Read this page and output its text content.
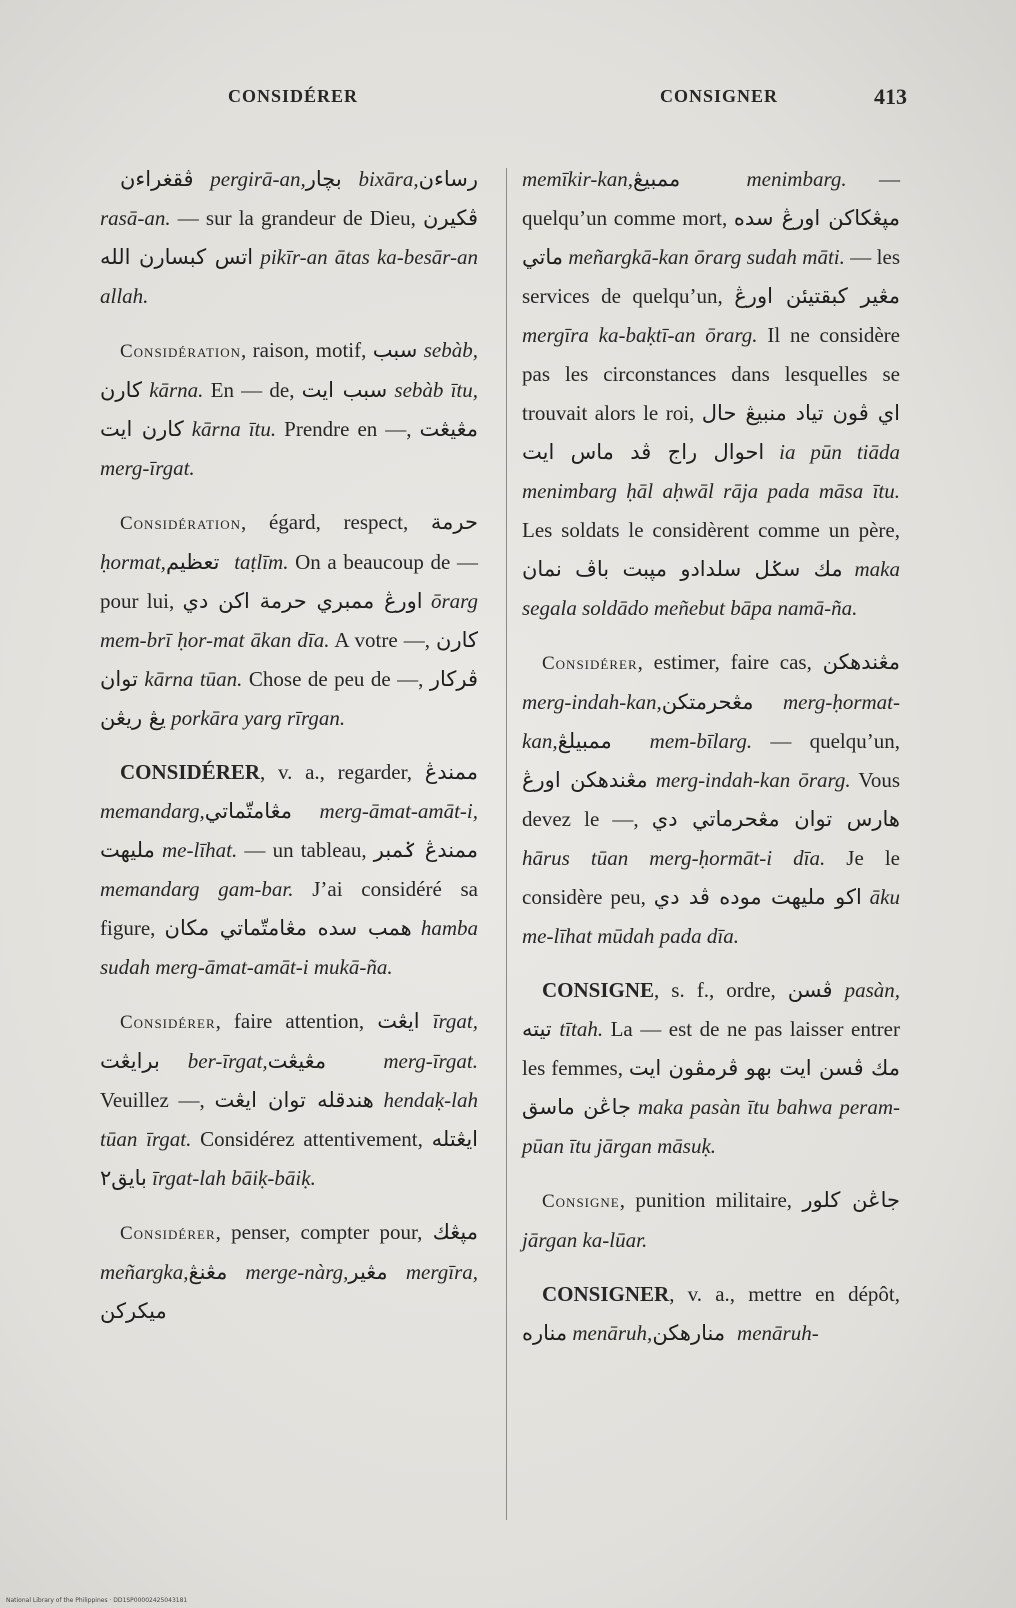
CONSIDÉRER	CONSIGNER	413

ڤقغراءن pergirā-an,بچار bixāra,رساءن rasā-an. — sur la grandeur de Dieu, ڤكيرن اتس كبسارن الله pikīr-an ātas ka-besār-an allah.

Considération, raison, motif, سبب sebàb, كارن kārna. En — de, سبب ايت sebàb ītu, كارن ايت kārna ītu. Prendre en —, مڠيڠت merg-īrgat.

Considération, égard, respect, حرمة ḥormat, تعظيم taṭlīm. On a beaucoup de — pour lui, اورڠ ممبري حرمة اكن دي ōrarg mem-brī ḥor-mat ākan dīa. A votre —, كارن توان kārna tūan. Chose de peu de —, ڤركار يڠ ريڠن porkāra yarg rīrgan.

CONSIDÉRER, v. a., regarder, ممندڠ memandarg, مڠامتّماتي merg-āmat-amāt-i, مليهت me-līhat. — un tableau, ممندڠ ݢمبر memandarg gam-bar. J’ai considéré sa figure, همب سده مڠامتّماتي مكان hamba sudah merg-āmat-amāt-i mukā-ña.

Considérer, faire attention, ايڠت īrgat, برايڠت ber-īrgat, مڠيڠت merg-īrgat. Veuillez —, هندقله توان ايڠت hendaḳ-lah tūan īrgat. Considérez attentivement, ايڠتله بايق٢ īrgat-lah bāiḳ-bāiḳ.

Considérer, penser, compter pour, مڽڠك meñargka, مڠنڠ merge-nàrg, مڠير mergīra, ميكركن

memīkir-kan, ممبيڠ menimbarg. — quelqu’un comme mort, مڽڠكاكن اورڠ سده ماتي meñargkā-kan ōrarg sudah māti. — les services de quelqu’un, مڠير كبقتيئن اورڠ mergīra ka-baḳtī-an ōrarg. Il ne considère pas les circonstances dans lesquelles se trouvait alors le roi, اي ڤون تياد منبيڠ حال احوال راج ڤد ماس ايت ia pūn tiāda menimbarg ḥāl aḥwāl rāja pada māsa ītu. Les soldats le considèrent comme un père, مك سݢل سلدادو مپبت باڤ نمان maka segala soldādo meñebut bāpa namā-ña.

Considérer, estimer, faire cas, مڠندهكن merg-indah-kan, مڠحرمتكن merg-ḥormat-kan, ممبيلڠ mem-bīlarg. — quelqu’un, مڠندهكن اورڠ merg-indah-kan ōrarg. Vous devez le —, هارس توان مڠحرماتي دي hārus tūan merg-ḥormāt-i dīa. Je le considère peu, اكو مليهت موده ڤد دي āku me-līhat mūdah pada dīa.

CONSIGNE, s. f., ordre, ڤسن pasàn, تيته tītah. La — est de ne pas laisser entrer les femmes, مك ڤسن ايت بهو ڤرمڤون ايت جاڠن ماسق maka pasàn ītu bahwa peram-pūan ītu jārgan māsuḳ.

Consigne, punition militaire, جاڠن كلور jārgan ka-lūar.

CONSIGNER, v. a., mettre en dépôt, مناره menāruh, منارهكن menāruh-

National Library of the Philippines · DD1SP00002425043181
